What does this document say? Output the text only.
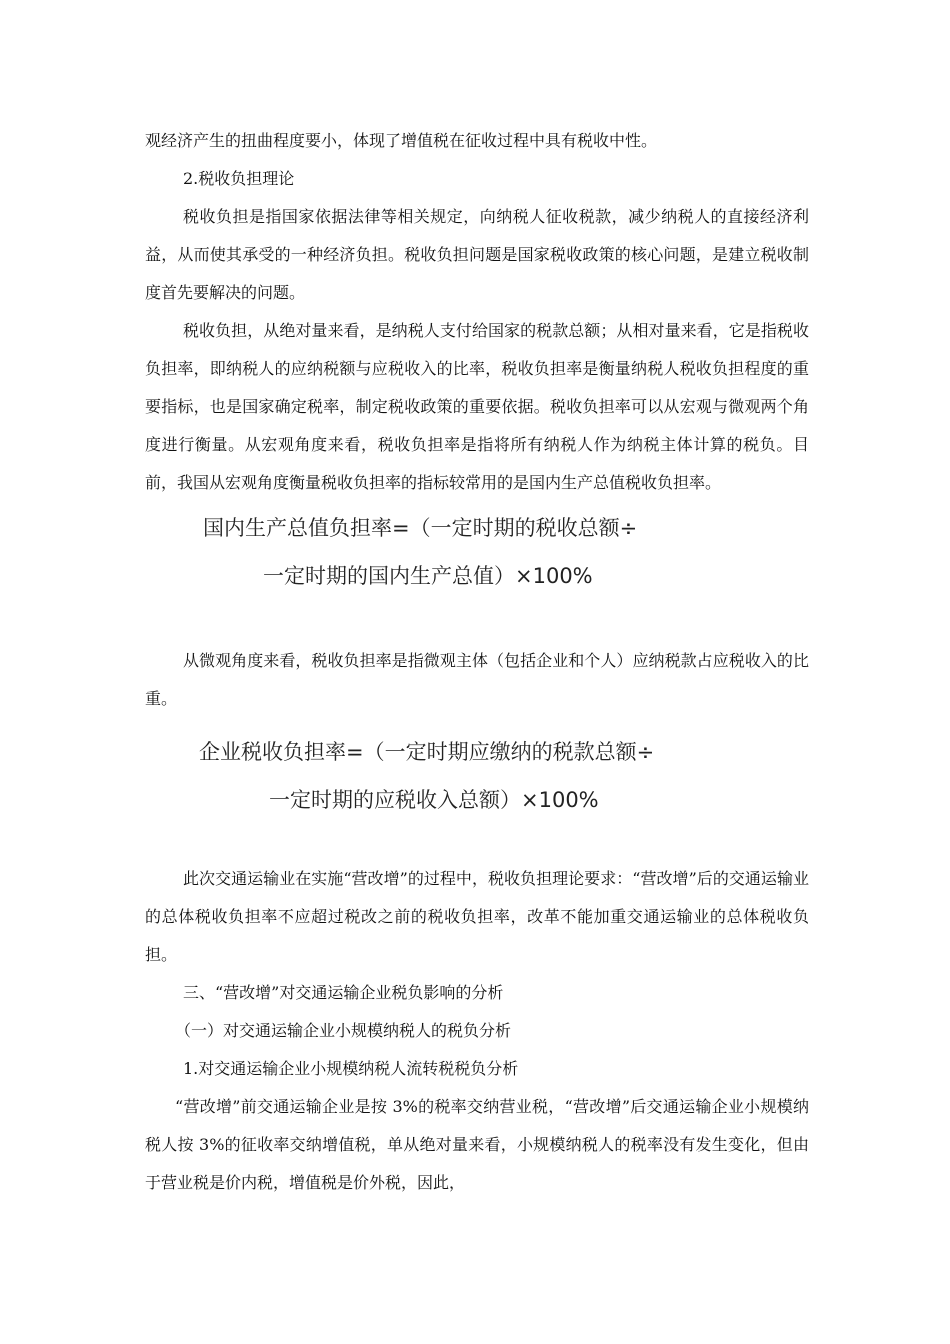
观经济产生的扭曲程度要小，体现了增值税在征收过程中具有税收中性。

2.税收负担理论

税收负担是指国家依据法律等相关规定，向纳税人征收税款，减少纳税人的直接经济利益，从而使其承受的一种经济负担。税收负担问题是国家税收政策的核心问题，是建立税收制度首先要解决的问题。

税收负担，从绝对量来看，是纳税人支付给国家的税款总额；从相对量来看，它是指税收负担率，即纳税人的应纳税额与应税收入的比率，税收负担率是衡量纳税人税收负担程度的重要指标，也是国家确定税率，制定税收政策的重要依据。税收负担率可以从宏观与微观两个角度进行衡量。从宏观角度来看，税收负担率是指将所有纳税人作为纳税主体计算的税负。目前，我国从宏观角度衡量税收负担率的指标较常用的是国内生产总值税收负担率。

国内生产总值负担率=（一定时期的税收总额÷

一定时期的国内生产总值）×100%

从微观角度来看，税收负担率是指微观主体（包括企业和个人）应纳税款占应税收入的比重。

企业税收负担率=（一定时期应缴纳的税款总额÷

一定时期的应税收入总额）×100%

此次交通运输业在实施“营改增”的过程中，税收负担理论要求：“营改增”后的交通运输业的总体税收负担率不应超过税改之前的税收负担率，改革不能加重交通运输业的总体税收负担。

三、“营改增”对交通运输企业税负影响的分析

（一）对交通运输企业小规模纳税人的税负分析

1.对交通运输企业小规模纳税人流转税税负分析

“营改增”前交通运输企业是按 3%的税率交纳营业税，“营改增”后交通运输企业小规模纳税人按 3%的征收率交纳增值税，单从绝对量来看，小规模纳税人的税率没有发生变化，但由于营业税是价内税，增值税是价外税，因此，
